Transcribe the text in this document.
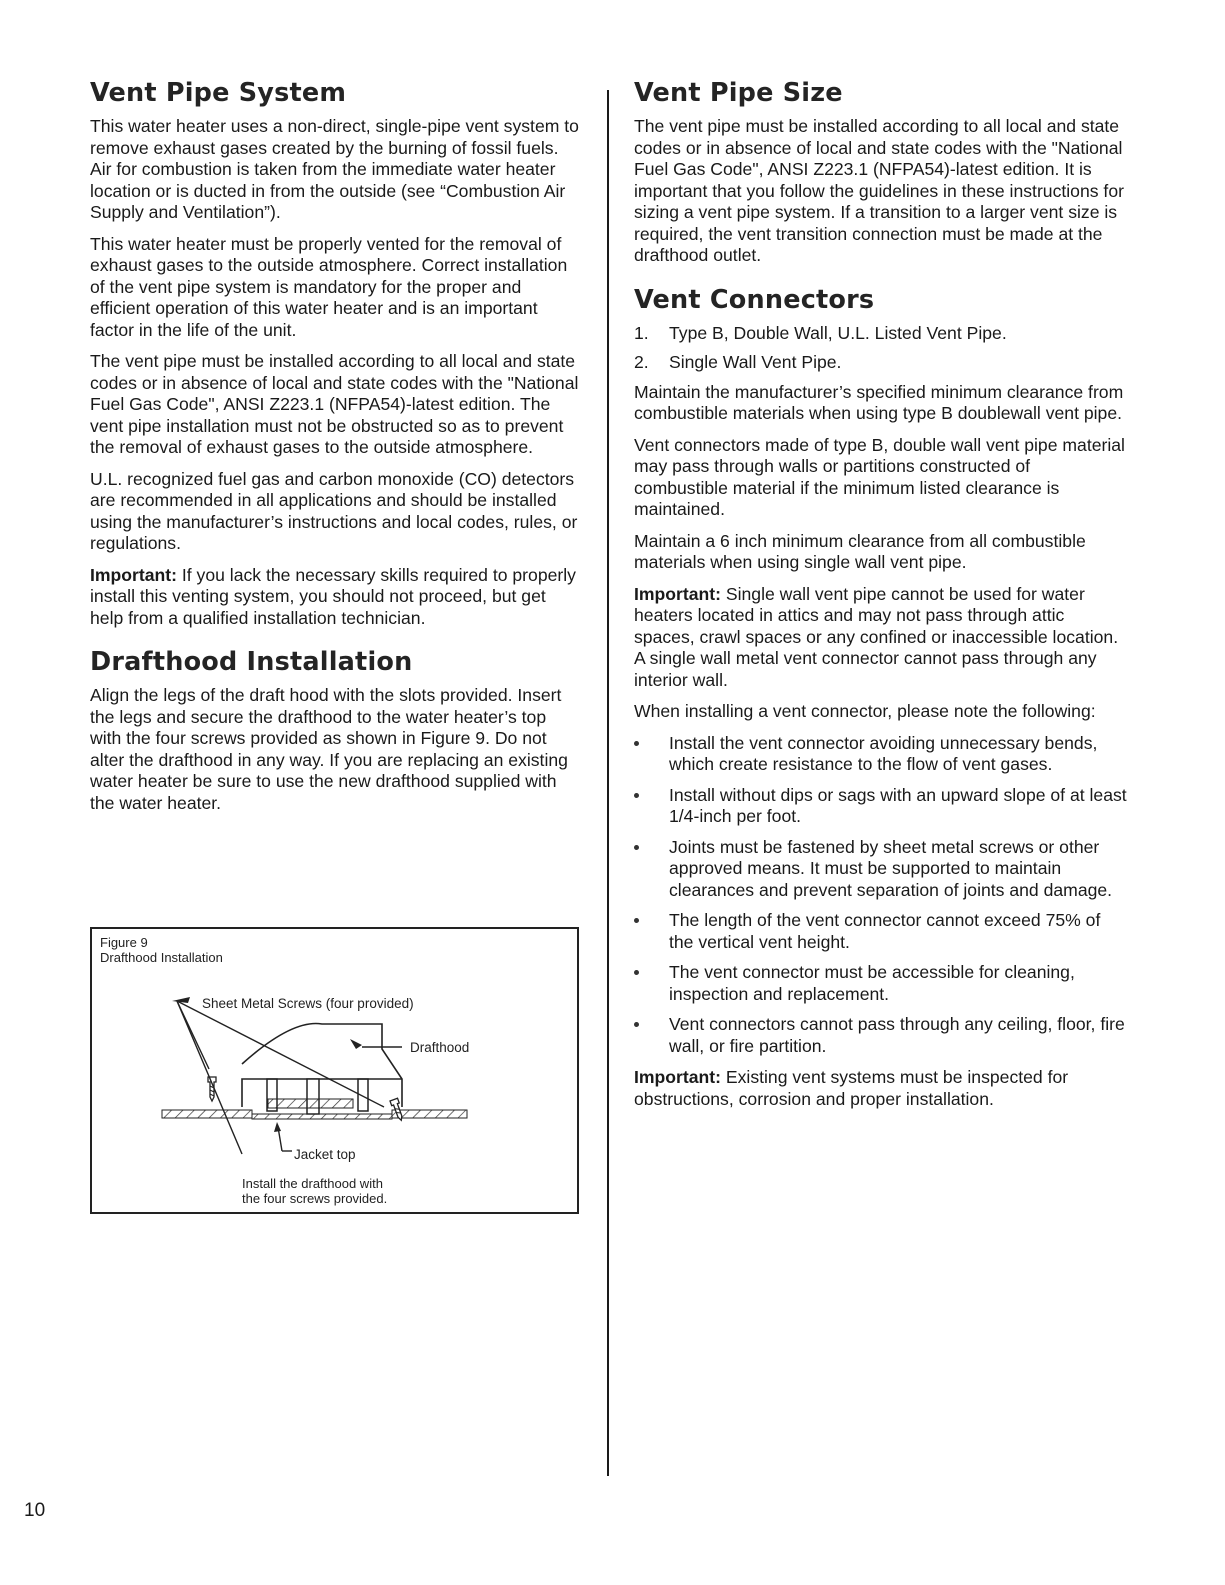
Vent Pipe System

This water heater uses a non-direct, single-pipe vent system to remove exhaust gases created by the burning of fossil fuels. Air for combustion is taken from the immediate water heater location or is ducted in from the outside (see “Combustion Air Supply and Ventilation”).

This water heater must be properly vented for the removal of exhaust gases to the outside atmosphere. Correct installation of the vent pipe system is mandatory for the proper and efficient operation of this water heater and is an important factor in the life of the unit.

The vent pipe must be installed according to all local and state codes or in absence of local and state codes with the "National Fuel Gas Code", ANSI Z223.1 (NFPA54)-latest edition. The vent pipe installation must not be obstructed so as to prevent the removal of exhaust gases to the outside atmosphere.

U.L. recognized fuel gas and carbon monoxide (CO) detectors are recommended in all applications and should be installed using the manufacturer’s instructions and local codes, rules, or regulations.

Important: If you lack the necessary skills required to properly install this venting system, you should not proceed, but get help from a qualified installation technician.

Drafthood Installation

Align the legs of the draft hood with the slots provided. Insert the legs and secure the drafthood to the water heater’s top with the four screws provided as shown in Figure 9. Do not alter the drafthood in any way. If you are replacing an existing water heater be sure to use the new drafthood supplied with the water heater.

Figure 9
Drafthood Installation
Sheet Metal Screws (four provided)
Drafthood
Jacket top
Install the drafthood with
the four screws provided.
Vent Pipe Size

The vent pipe must be installed according to all local and state codes or in absence of local and state codes with the "National Fuel Gas Code", ANSI Z223.1 (NFPA54)-latest edition. It is important that you follow the guidelines in these instructions for sizing a vent pipe system. If a transition to a larger vent size is required, the vent transition connection must be made at the drafthood outlet.

Vent Connectors
1.	Type B, Double Wall, U.L. Listed Vent Pipe.
2.	Single Wall Vent Pipe.

Maintain the manufacturer’s specified minimum clearance from combustible materials when using type B doublewall vent pipe.

Vent connectors made of type B, double wall vent pipe material may pass through walls or partitions constructed of combustible material if the minimum listed clearance is maintained.

Maintain a 6 inch minimum clearance from all combustible materials when using single wall vent pipe.

Important: Single wall vent pipe cannot be used for water heaters located in attics and may not pass through attic spaces, crawl spaces or any confined or inaccessible location. A single wall metal vent connector cannot pass through any interior wall.

When installing a vent connector, please note the following:

Install the vent connector avoiding unnecessary bends, which create resistance to the flow of vent gases.
Install without dips or sags with an upward slope of at least 1/4-inch per foot.
Joints must be fastened by sheet metal screws or other approved means. It must be supported to maintain clearances and prevent separation of joints and damage.
The length of the vent connector cannot exceed 75% of the vertical vent height.
The vent connector must be accessible for cleaning, inspection and replacement.
Vent connectors cannot pass through any ceiling, floor, fire wall, or fire partition.

Important: Existing vent systems must be inspected for obstructions, corrosion and proper installation.

10
